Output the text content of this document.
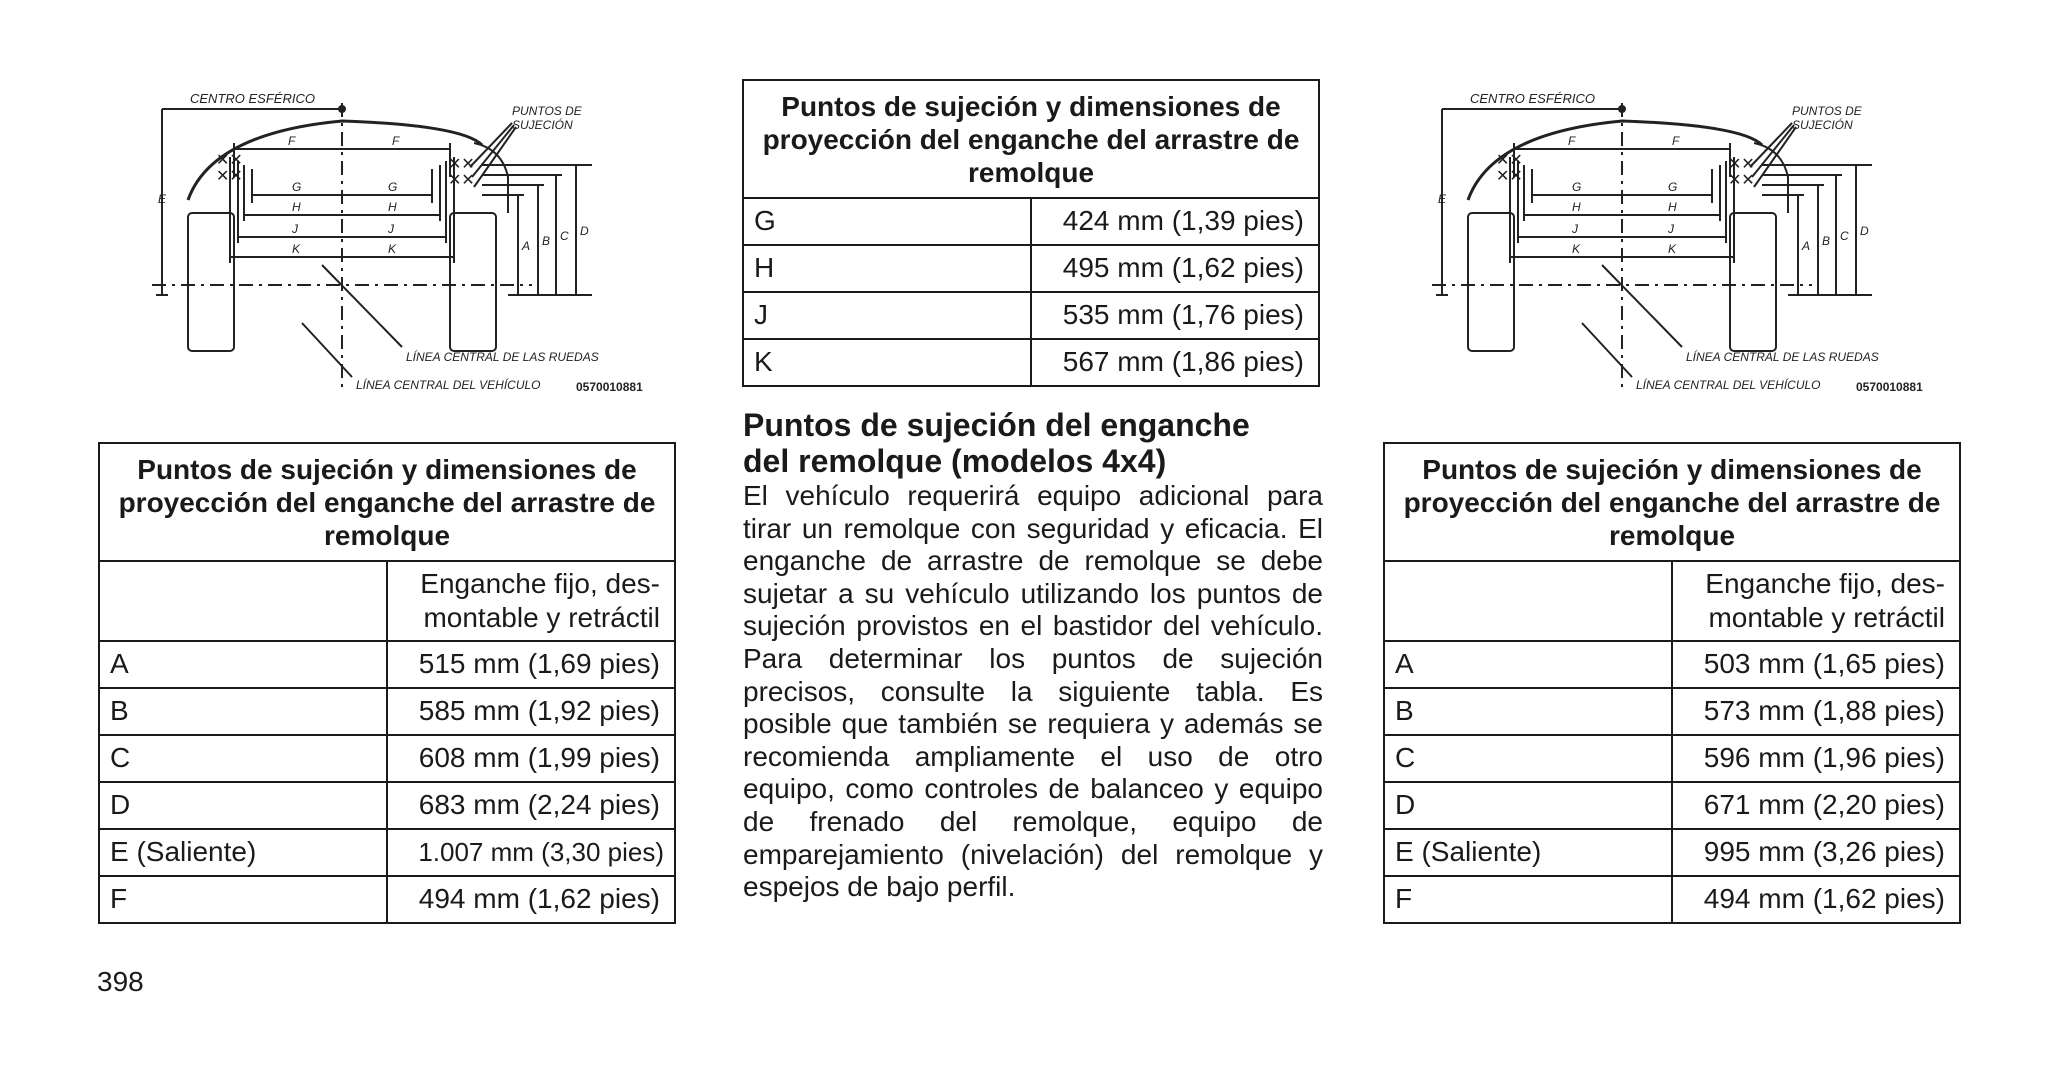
✕✕
✕✕
✕✕
✕✕
CENTRO ESFÉRICO
PUNTOS DE
SUJECIÓN
LÍNEA CENTRAL DE LAS RUEDAS
LÍNEA CENTRAL DEL VEHÍCULO	0570010881
E
F	F
G	G
H	H
J	J
K	K	A B C D
Puntos de sujeción y dimensiones de proyección del enganche del arrastre de remolque	
	Enganche fijo, des-
montable y retráctil
A	515 mm (1,69 pies)
B	585 mm (1,92 pies)
C	608 mm (1,99 pies)
D	683 mm (2,24 pies)
E (Saliente)	1.007 mm (3,30 pies)
F	494 mm (1,62 pies)
398
Puntos de sujeción y dimensiones de proyección del enganche del arrastre de remolque	
G	424 mm (1,39 pies)
H	495 mm (1,62 pies)
J	535 mm (1,76 pies)
K	567 mm (1,86 pies)
Puntos de sujeción del enganche
del remolque (modelos 4x4)

El vehículo requerirá equipo adicional para tirar un remolque con seguridad y eficacia. El enganche de arrastre de remolque se debe sujetar a su vehículo utilizando los puntos de sujeción provistos en el bastidor del vehículo. Para determinar los puntos de sujeción precisos, consulte la siguiente tabla. Es posible que también se requiera y además se recomienda ampliamente el uso de otro equipo, como controles de balanceo y equipo de frenado del remolque, equipo de emparejamiento (nivelación) del remolque y espejos de bajo perfil.

✕✕
✕✕
✕✕
✕✕
CENTRO ESFÉRICO
PUNTOS DE
SUJECIÓN
LÍNEA CENTRAL DE LAS RUEDAS
LÍNEA CENTRAL DEL VEHÍCULO	0570010881
E
F	F
G	G
H	H
J	J
K	K	A B C D
Puntos de sujeción y dimensiones de proyección del enganche del arrastre de remolque	
	Enganche fijo, des-
montable y retráctil
A	503 mm (1,65 pies)
B	573 mm (1,88 pies)
C	596 mm (1,96 pies)
D	671 mm (2,20 pies)
E (Saliente)	995 mm (3,26 pies)
F	494 mm (1,62 pies)
